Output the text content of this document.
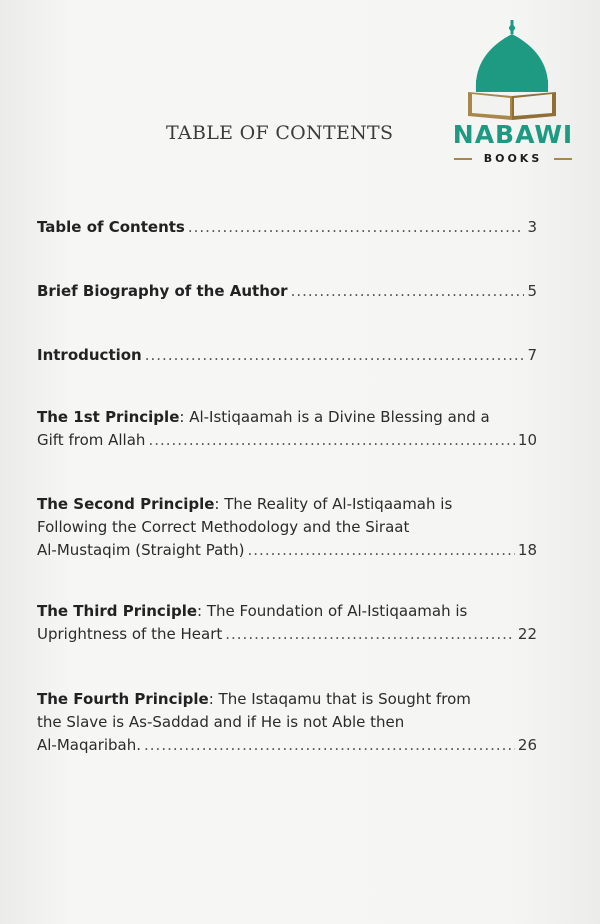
TABLE OF CONTENTS NABAWI
BOOKS
Table of Contents .....	3
Brief Biography of the Author .....	5
Introduction .....	7
The 1st Principle: Al-Istiqaamah is a Divine Blessing and a
Gift from Allah .....	10
The Second Principle: The Reality of Al-Istiqaamah is
Following the Correct Methodology and the Siraat
Al-Mustaqim (Straight Path) .....	18
The Third Principle: The Foundation of Al-Istiqaamah is
Uprightness of the Heart .....	22
The Fourth Principle: The Istaqamu that is Sought from
the Slave is As-Saddad and if He is not Able then
Al-Maqaribah. .....	26
